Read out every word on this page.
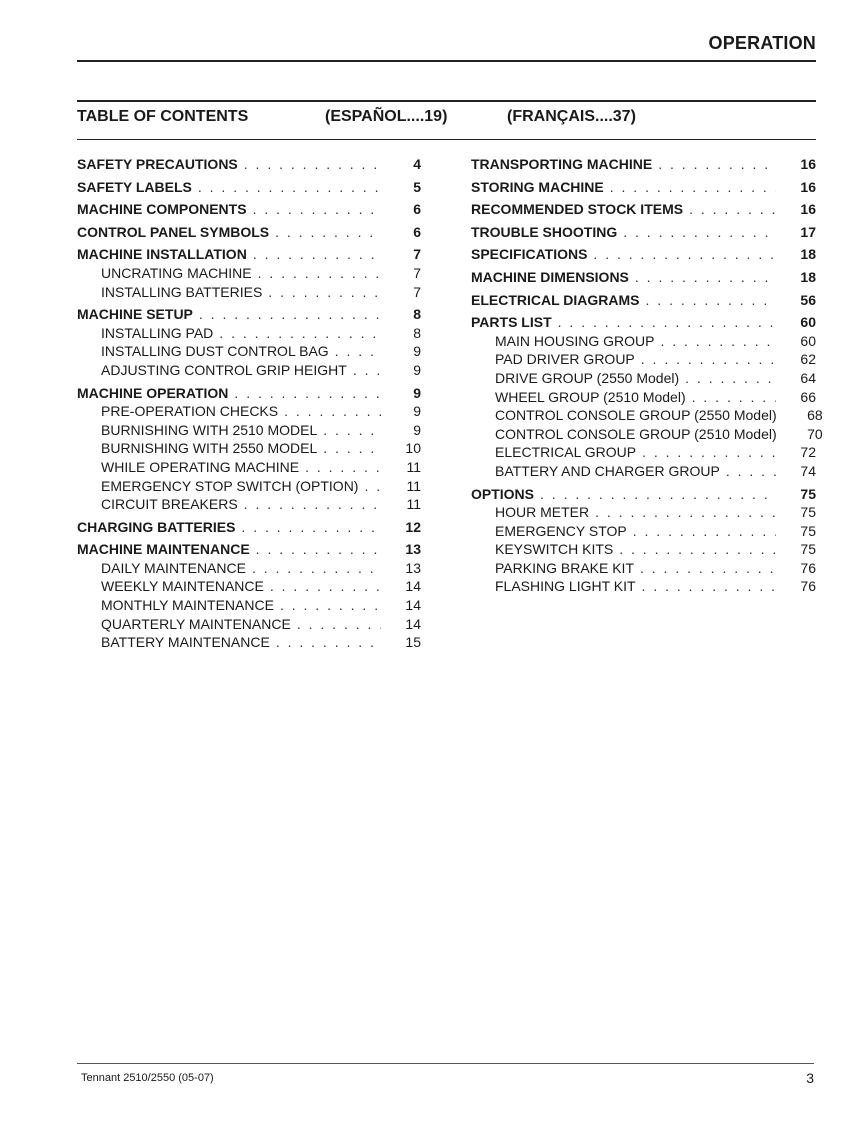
OPERATION
TABLE OF CONTENTS	(ESPAÑOL....19)	(FRANÇAIS....37)
SAFETY PRECAUTIONS . . .	4
SAFETY LABELS . . .	5
MACHINE COMPONENTS . . .	6
CONTROL PANEL SYMBOLS . . .	6
MACHINE INSTALLATION . . .	7
UNCRATING MACHINE . . .	7
INSTALLING BATTERIES . . .	7
MACHINE SETUP . . .	8
INSTALLING PAD . . .	8
INSTALLING DUST CONTROL BAG . . .	9
ADJUSTING CONTROL GRIP HEIGHT . . .	9
MACHINE OPERATION . . .	9
PRE-OPERATION CHECKS . . .	9
BURNISHING WITH 2510 MODEL . . .	9
BURNISHING WITH 2550 MODEL . . .	10
WHILE OPERATING MACHINE . . .	11
EMERGENCY STOP SWITCH (OPTION) . . .	11
CIRCUIT BREAKERS . . .	11
CHARGING BATTERIES . . .	12
MACHINE MAINTENANCE . . .	13
DAILY MAINTENANCE . . .	13
WEEKLY MAINTENANCE . . .	14
MONTHLY MAINTENANCE . . .	14
QUARTERLY MAINTENANCE . . .	14
BATTERY MAINTENANCE . . .	15
TRANSPORTING MACHINE . . .	16
STORING MACHINE . . .	16
RECOMMENDED STOCK ITEMS . . .	16
TROUBLE SHOOTING . . .	17
SPECIFICATIONS . . .	18
MACHINE DIMENSIONS . . .	18
ELECTRICAL DIAGRAMS . . .	56
PARTS LIST . . .	60
MAIN HOUSING GROUP . . .	60
PAD DRIVER GROUP . . .	62
DRIVE GROUP (2550 Model) . . .	64
WHEEL GROUP (2510 Model) . . .	66
CONTROL CONSOLE GROUP (2550 Model)	68
CONTROL CONSOLE GROUP (2510 Model)	70
ELECTRICAL GROUP . . .	72
BATTERY AND CHARGER GROUP . . .	74
OPTIONS . . .	75
HOUR METER . . .	75
EMERGENCY STOP . . .	75
KEYSWITCH KITS . . .	75
PARKING BRAKE KIT . . .	76
FLASHING LIGHT KIT . . .	76
Tennant 2510/2550 (05-07)	3
